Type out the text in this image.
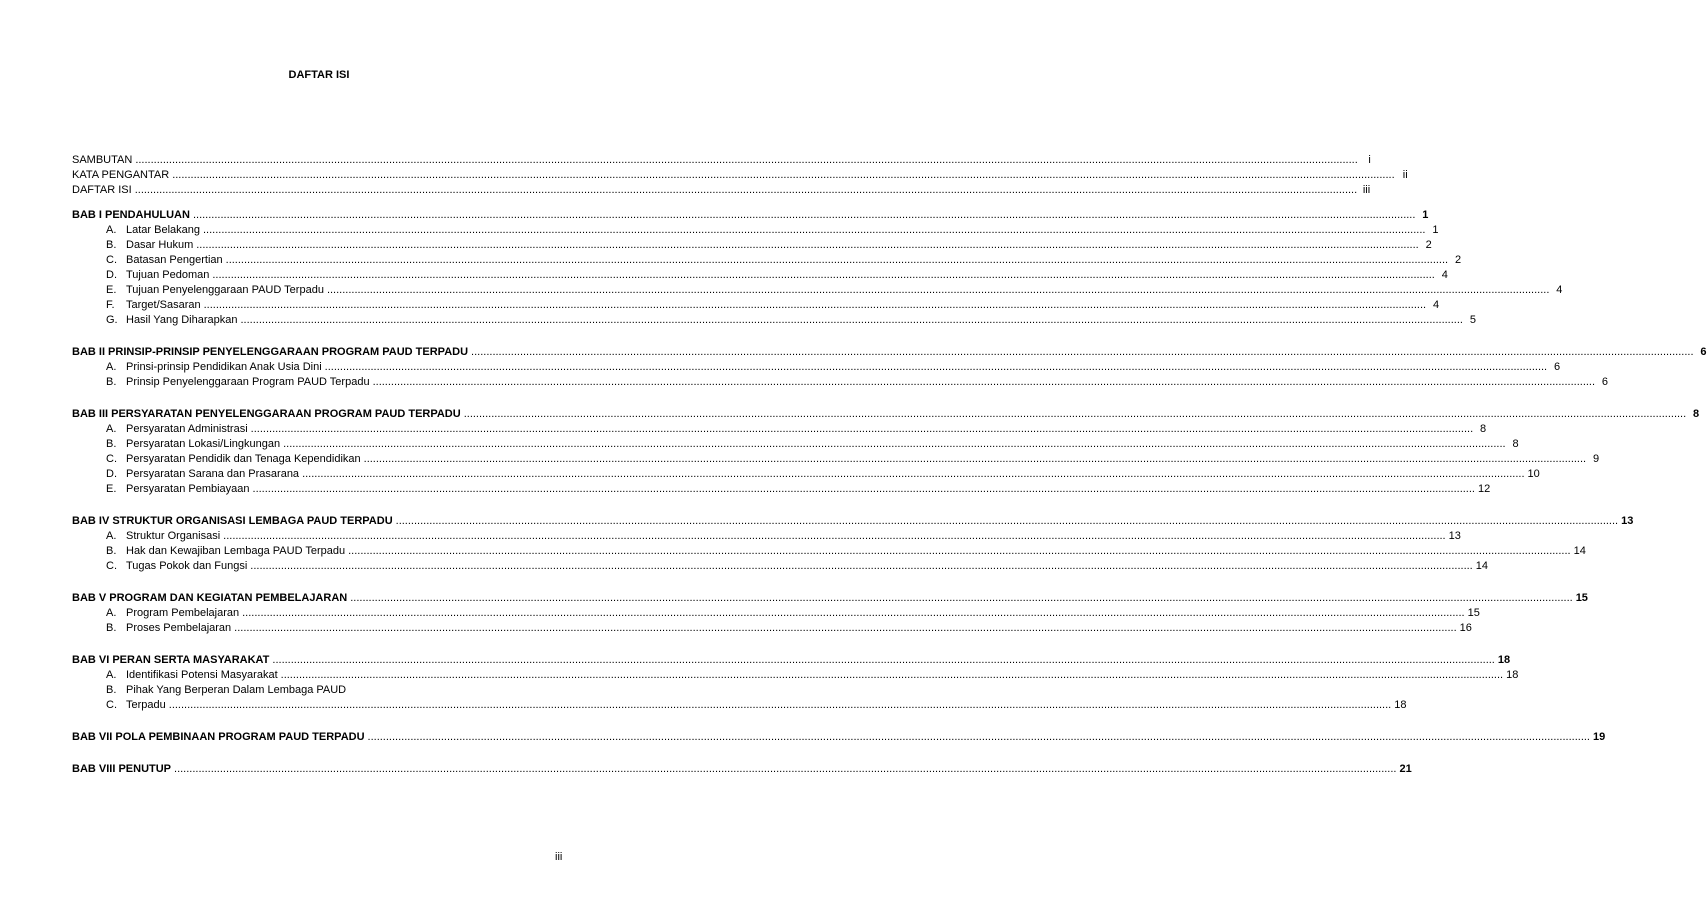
DAFTAR ISI
SAMBUTAN ................................................................................................................................................................................................................................................................................................................................................................................................................ i
KATA PENGANTAR ................................................................................................................................................................................................................................................................................................................................................................................................................ ii
DAFTAR ISI ................................................................................................................................................................................................................................................................................................................................................................................................................ iii
BAB I PENDAHULUAN ................................................................................................................................................................................................................................................................................................................................................................................................................ 1
A. Latar Belakang ................................................................................................................................................................................................................................................................................................................................................................................................................ 1
B. Dasar Hukum ................................................................................................................................................................................................................................................................................................................................................................................................................ 2
C. Batasan Pengertian ................................................................................................................................................................................................................................................................................................................................................................................................................ 2
D. Tujuan Pedoman ................................................................................................................................................................................................................................................................................................................................................................................................................ 4
E. Tujuan Penyelenggaraan PAUD Terpadu ................................................................................................................................................................................................................................................................................................................................................................................................................ 4
F.	Target/Sasaran ................................................................................................................................................................................................................................................................................................................................................................................................................ 4
G. Hasil Yang Diharapkan ................................................................................................................................................................................................................................................................................................................................................................................................................ 5
BAB II PRINSIP-PRINSIP PENYELENGGARAAN PROGRAM PAUD TERPADU ................................................................................................................................................................................................................................................................................................................................................................................................................ 6
A. Prinsi-prinsip Pendidikan Anak Usia Dini ................................................................................................................................................................................................................................................................................................................................................................................................................ 6
B. Prinsip Penyelenggaraan Program PAUD Terpadu ................................................................................................................................................................................................................................................................................................................................................................................................................ 6
BAB III PERSYARATAN PENYELENGGARAAN PROGRAM PAUD TERPADU ................................................................................................................................................................................................................................................................................................................................................................................................................ 8
A. Persyaratan Administrasi ................................................................................................................................................................................................................................................................................................................................................................................................................ 8
B. Persyaratan Lokasi/Lingkungan ................................................................................................................................................................................................................................................................................................................................................................................................................ 8
C. Persyaratan Pendidik dan Tenaga Kependidikan ................................................................................................................................................................................................................................................................................................................................................................................................................ 9
D. Persyaratan Sarana dan Prasarana ................................................................................................................................................................................................................................................................................................................................................................................................................ 10
E. Persyaratan Pembiayaan ................................................................................................................................................................................................................................................................................................................................................................................................................ 12
BAB IV STRUKTUR ORGANISASI LEMBAGA PAUD TERPADU ................................................................................................................................................................................................................................................................................................................................................................................................................ 13
A. Struktur Organisasi ................................................................................................................................................................................................................................................................................................................................................................................................................ 13
B. Hak dan Kewajiban Lembaga PAUD Terpadu ................................................................................................................................................................................................................................................................................................................................................................................................................ 14
C. Tugas Pokok dan Fungsi ................................................................................................................................................................................................................................................................................................................................................................................................................ 14
BAB V PROGRAM DAN KEGIATAN PEMBELAJARAN ................................................................................................................................................................................................................................................................................................................................................................................................................ 15
A. Program Pembelajaran ................................................................................................................................................................................................................................................................................................................................................................................................................ 15
B. Proses Pembelajaran ................................................................................................................................................................................................................................................................................................................................................................................................................ 16
BAB VI PERAN SERTA MASYARAKAT ................................................................................................................................................................................................................................................................................................................................................................................................................ 18
A. Identifikasi Potensi Masyarakat ................................................................................................................................................................................................................................................................................................................................................................................................................ 18
B. Pihak Yang Berperan Dalam Lembaga PAUD
C. Terpadu ................................................................................................................................................................................................................................................................................................................................................................................................................ 18
BAB VII POLA PEMBINAAN PROGRAM PAUD TERPADU ................................................................................................................................................................................................................................................................................................................................................................................................................ 19
BAB VIII PENUTUP ................................................................................................................................................................................................................................................................................................................................................................................................................ 21
iii
